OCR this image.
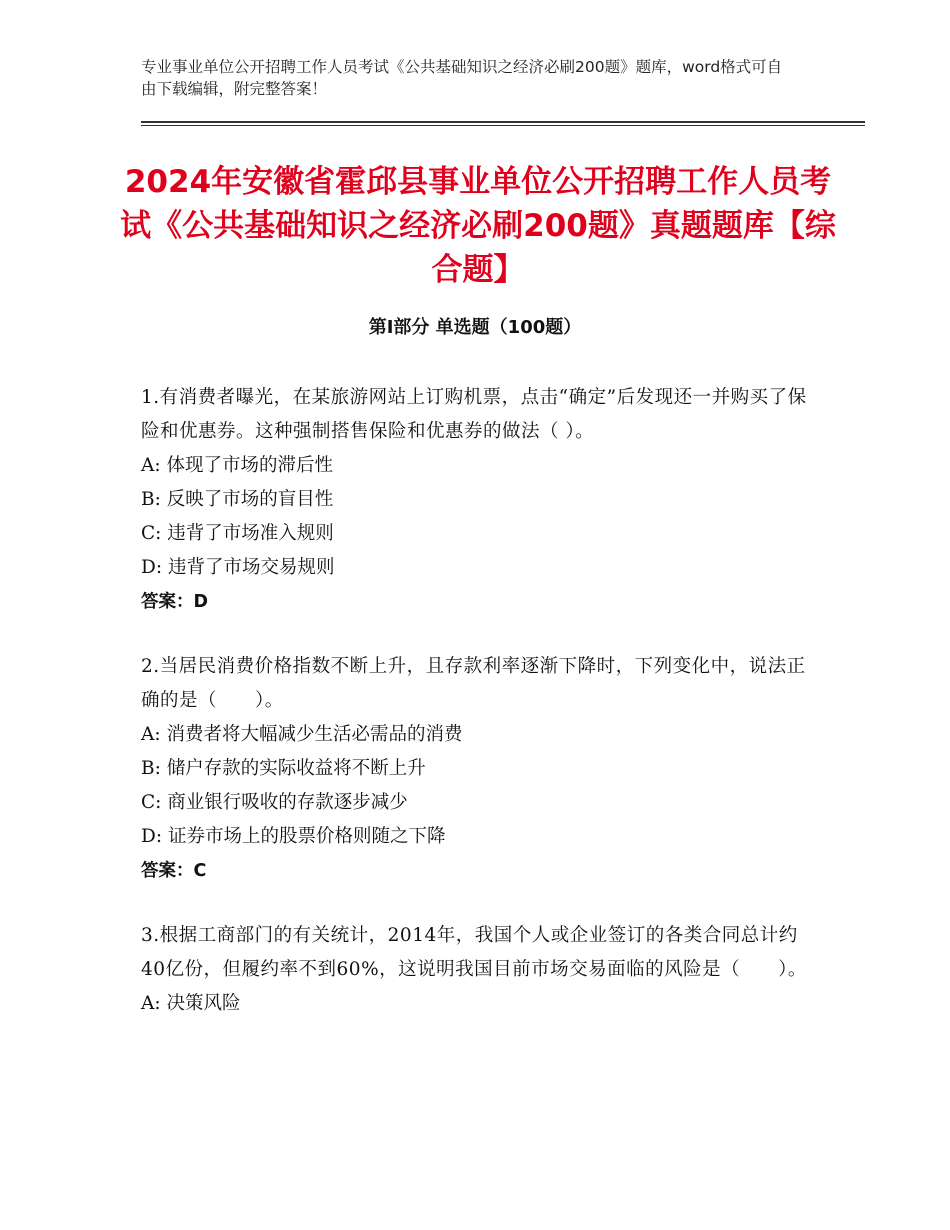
专业事业单位公开招聘工作人员考试《公共基础知识之经济必刷200题》题库，word格式可自由下载编辑，附完整答案！
2024年安徽省霍邱县事业单位公开招聘工作人员考试《公共基础知识之经济必刷200题》真题题库【综合题】
第I部分 单选题（100题）
1.有消费者曝光，在某旅游网站上订购机票，点击“确定”后发现还一并购买了保险和优惠券。这种强制搭售保险和优惠券的做法（ ）。
A: 体现了市场的滞后性
B: 反映了市场的盲目性
C: 违背了市场准入规则
D: 违背了市场交易规则
答案：D
2.当居民消费价格指数不断上升，且存款利率逐渐下降时，下列变化中，说法正确的是（　　）。
A: 消费者将大幅减少生活必需品的消费
B: 储户存款的实际收益将不断上升
C: 商业银行吸收的存款逐步减少
D: 证券市场上的股票价格则随之下降
答案：C
3.根据工商部门的有关统计，2014年，我国个人或企业签订的各类合同总计约40亿份，但履约率不到60%，这说明我国目前市场交易面临的风险是（　　）。
A: 决策风险
